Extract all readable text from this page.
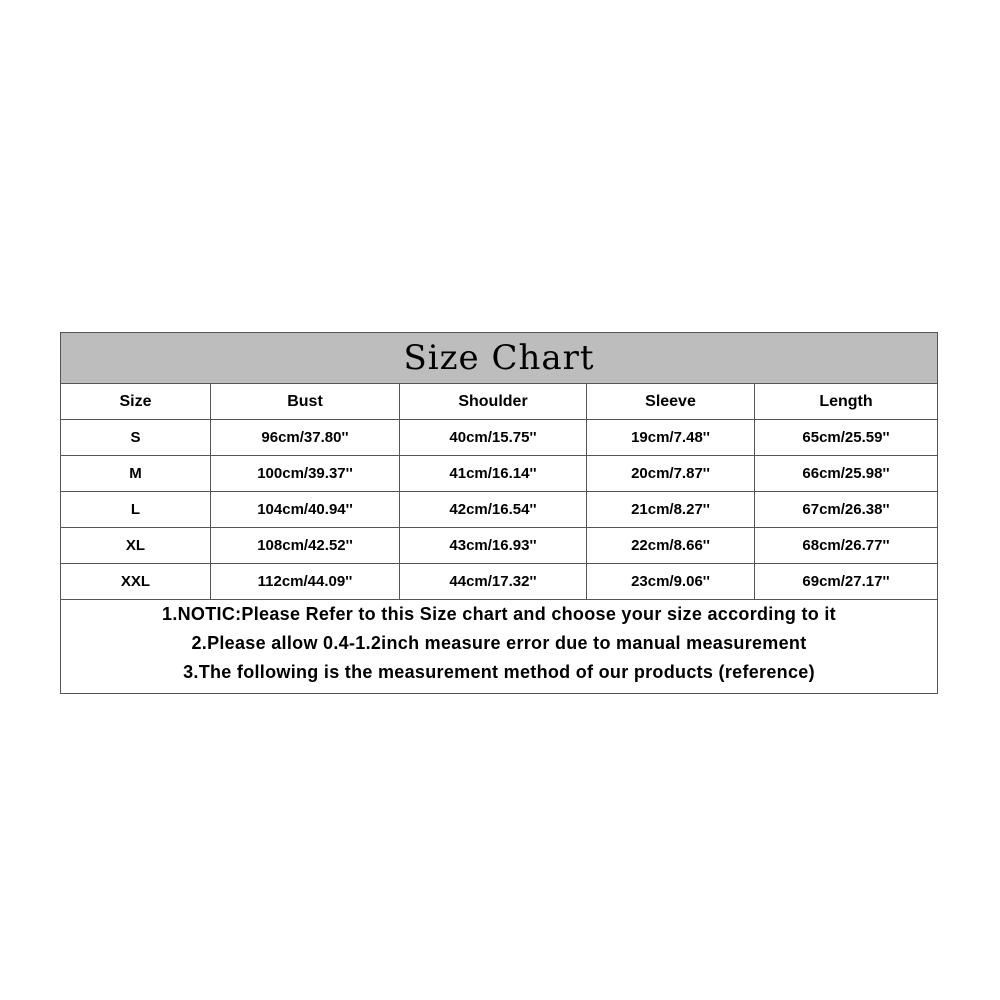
Size Chart				
Size	Bust	Shoulder	Sleeve	Length
S	96cm/37.80''	40cm/15.75''	19cm/7.48''	65cm/25.59''
M	100cm/39.37''	41cm/16.14''	20cm/7.87''	66cm/25.98''
L	104cm/40.94''	42cm/16.54''	21cm/8.27''	67cm/26.38''
XL	108cm/42.52''	43cm/16.93''	22cm/8.66''	68cm/26.77''
XXL	112cm/44.09''	44cm/17.32''	23cm/9.06''	69cm/27.17''

1.NOTIC:Please Refer to this Size chart and choose your size according to it
2.Please allow 0.4-1.2inch measure error due to manual measurement
3.The following is the measurement method of our products (reference)				
